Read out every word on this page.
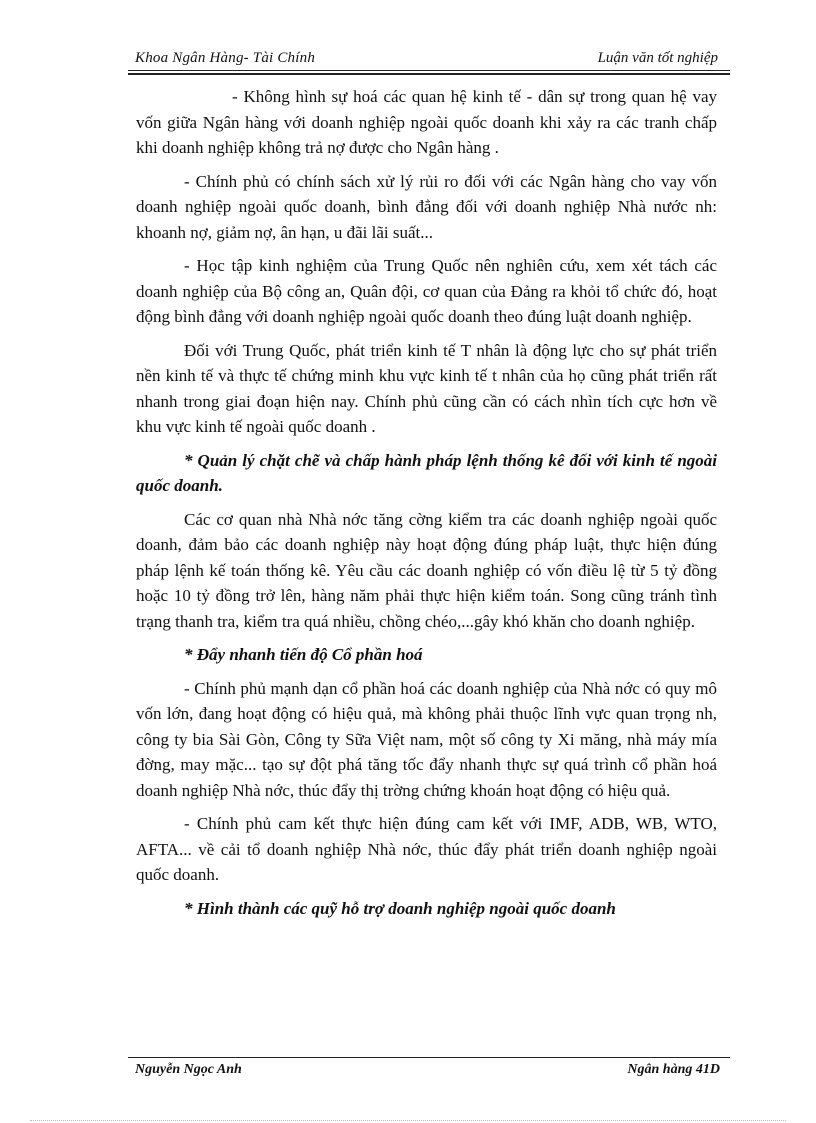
Khoa Ngân Hàng- Tài Chính	Luận văn tốt nghiệp

- Không hình sự hoá các quan hệ kinh tế - dân sự trong quan hệ vay vốn giữa Ngân hàng với doanh nghiệp ngoài quốc doanh khi xảy ra các tranh chấp khi doanh nghiệp không trả nợ được cho Ngân hàng .

- Chính phủ có chính sách xử lý rủi ro đối với các Ngân hàng cho vay vốn doanh nghiệp ngoài quốc doanh, bình đẳng đối với doanh nghiệp Nhà nước nh: khoanh nợ, giảm nợ, ân hạn, u đãi lãi suất...

- Học tập kinh nghiệm của Trung Quốc nên nghiên cứu, xem xét tách các doanh nghiệp của Bộ công an, Quân đội, cơ quan của Đảng ra khỏi tổ chức đó, hoạt động bình đẳng với doanh nghiệp ngoài quốc doanh theo đúng luật doanh nghiệp.

Đối với Trung Quốc, phát triển kinh tế T nhân là động lực cho sự phát triển nền kinh tế và thực tế chứng minh khu vực kinh tế t nhân của họ cũng phát triển rất nhanh trong giai đoạn hiện nay. Chính phủ cũng cần có cách nhìn tích cực hơn về khu vực kinh tế ngoài quốc doanh .

* Quản lý chặt chẽ và chấp hành pháp lệnh thống kê đối với kinh tế ngoài quốc doanh.

Các cơ quan nhà Nhà nớc tăng cờng kiểm tra các doanh nghiệp ngoài quốc doanh, đảm bảo các doanh nghiệp này hoạt động đúng pháp luật, thực hiện đúng pháp lệnh kế toán thống kê. Yêu cầu các doanh nghiệp có vốn điều lệ từ 5 tỷ đồng hoặc 10 tỷ đồng trở lên, hàng năm phải thực hiện kiểm toán. Song cũng tránh tình trạng thanh tra, kiểm tra quá nhiều, chồng chéo,...gây khó khăn cho doanh nghiệp.

* Đẩy nhanh tiến độ Cổ phần hoá

- Chính phủ mạnh dạn cổ phần hoá các doanh nghiệp của Nhà nớc có quy mô vốn lớn, đang hoạt động có hiệu quả, mà không phải thuộc lĩnh vực quan trọng nh, công ty bia Sài Gòn, Công ty Sữa Việt nam, một số công ty Xi măng, nhà máy mía đờng, may mặc... tạo sự đột phá tăng tốc đẩy nhanh thực sự quá trình cổ phần hoá doanh nghiệp Nhà nớc, thúc đẩy thị trờng chứng khoán hoạt động có hiệu quả.

- Chính phủ cam kết thực hiện đúng cam kết với IMF, ADB, WB, WTO, AFTA... về cải tổ doanh nghiệp Nhà nớc, thúc đẩy phát triển doanh nghiệp ngoài quốc doanh.

* Hình thành các quỹ hỗ trợ doanh nghiệp ngoài quốc doanh

Nguyễn Ngọc Anh	Ngân hàng 41D
